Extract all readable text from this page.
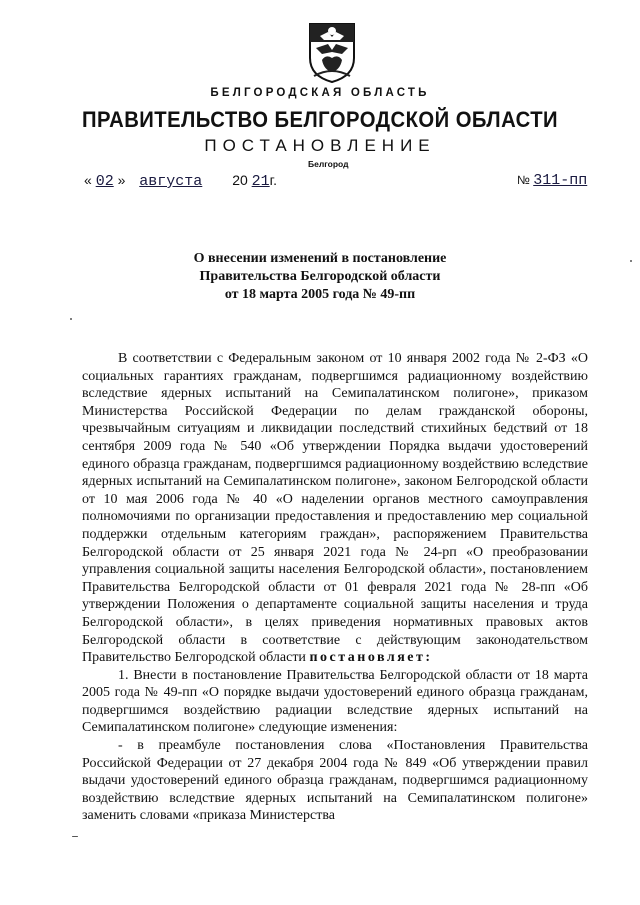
БЕЛГОРОДСКАЯ ОБЛАСТЬ
ПРАВИТЕЛЬСТВО БЕЛГОРОДСКОЙ ОБЛАСТИ
ПОСТАНОВЛЕНИЕ
Белгород
« 02 » августа 20 21г.	№ 311-пп
О внесении изменений в постановление
Правительства Белгородской области
от 18 марта 2005 года № 49-пп

В соответствии с Федеральным законом от 10 января 2002 года № 2-ФЗ «О социальных гарантиях гражданам, подвергшимся радиационному воздействию вследствие ядерных испытаний на Семипалатинском полигоне», приказом Министерства Российской Федерации по делам гражданской обороны, чрезвычайным ситуациям и ликвидации последствий стихийных бедствий от 18 сентября 2009 года № 540 «Об утверждении Порядка выдачи удостоверений единого образца гражданам, подвергшимся радиационному воздействию вследствие ядерных испытаний на Семипалатинском полигоне», законом Белгородской области от 10 мая 2006 года № 40 «О наделении органов местного самоуправления полномочиями по организации предоставления и предоставлению мер социальной поддержки отдельным категориям граждан», распоряжением Правительства Белгородской области от 25 января 2021 года № 24-рп «О преобразовании управления социальной защиты населения Белгородской области», постановлением Правительства Белгородской области от 01 февраля 2021 года № 28-пп «Об утверждении Положения о департаменте социальной защиты населения и труда Белгородской области», в целях приведения нормативных правовых актов Белгородской области в соответствие с действующим законодательством Правительство Белгородской области постановляет:

1. Внести в постановление Правительства Белгородской области от 18 марта 2005 года № 49-пп «О порядке выдачи удостоверений единого образца гражданам, подвергшимся воздействию радиации вследствие ядерных испытаний на Семипалатинском полигоне» следующие изменения:

- в преамбуле постановления слова «Постановления Правительства Российской Федерации от 27 декабря 2004 года № 849 «Об утверждении правил выдачи удостоверений единого образца гражданам, подвергшимся радиационному воздействию вследствие ядерных испытаний на Семипалатинском полигоне» заменить словами «приказа Министерства
